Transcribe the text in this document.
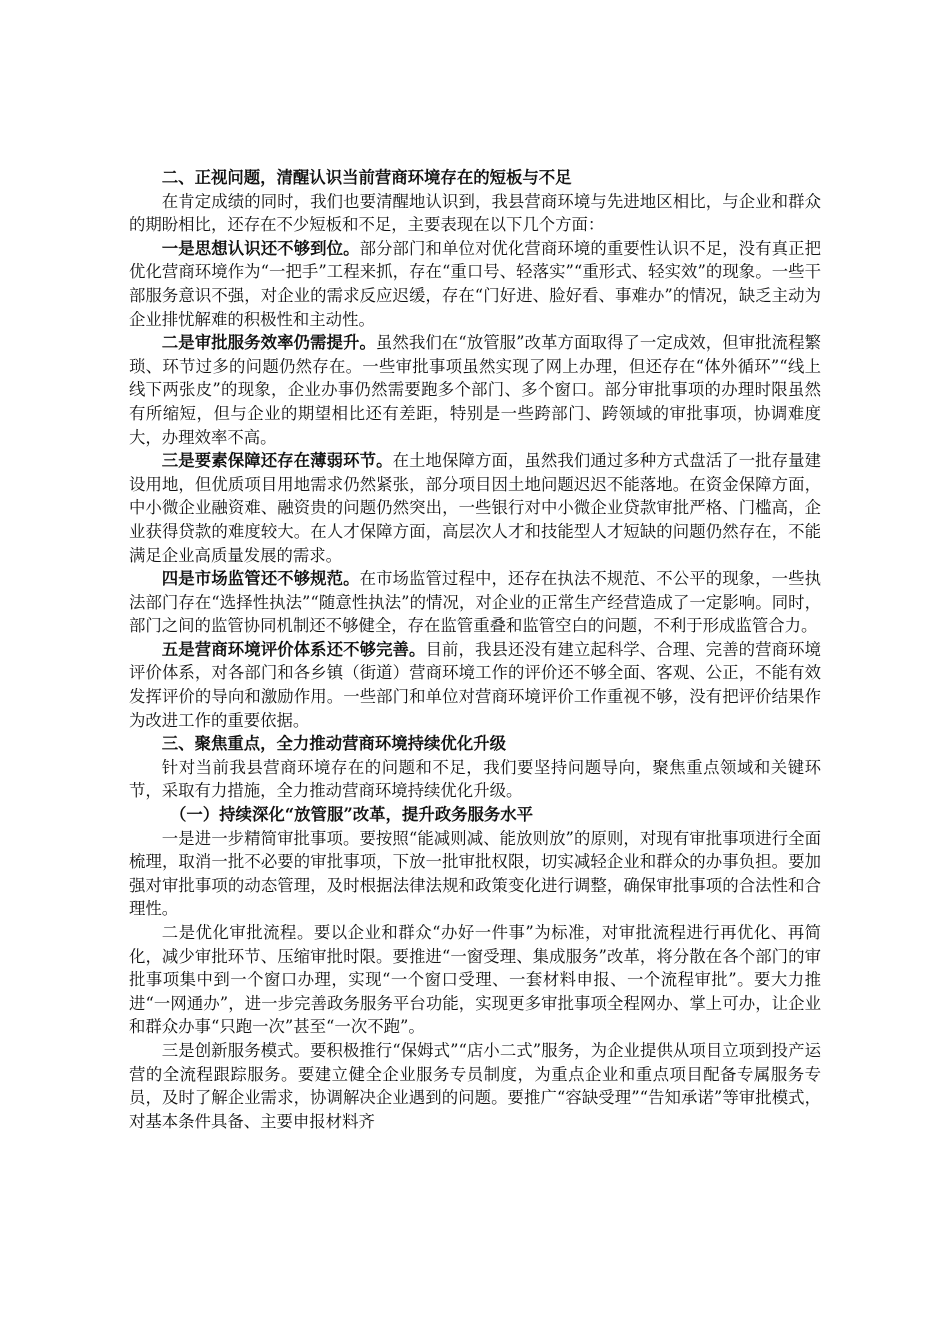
二、正视问题，清醒认识当前营商环境存在的短板与不足

在肯定成绩的同时，我们也要清醒地认识到，我县营商环境与先进地区相比，与企业和群众的期盼相比，还存在不少短板和不足，主要表现在以下几个方面：

一是思想认识还不够到位。部分部门和单位对优化营商环境的重要性认识不足，没有真正把优化营商环境作为“一把手”工程来抓，存在“重口号、轻落实”“重形式、轻实效”的现象。一些干部服务意识不强，对企业的需求反应迟缓，存在“门好进、脸好看、事难办”的情况，缺乏主动为企业排忧解难的积极性和主动性。

二是审批服务效率仍需提升。虽然我们在“放管服”改革方面取得了一定成效，但审批流程繁琐、环节过多的问题仍然存在。一些审批事项虽然实现了网上办理，但还存在“体外循环”“线上线下两张皮”的现象，企业办事仍然需要跑多个部门、多个窗口。部分审批事项的办理时限虽然有所缩短，但与企业的期望相比还有差距，特别是一些跨部门、跨领域的审批事项，协调难度大，办理效率不高。

三是要素保障还存在薄弱环节。在土地保障方面，虽然我们通过多种方式盘活了一批存量建设用地，但优质项目用地需求仍然紧张，部分项目因土地问题迟迟不能落地。在资金保障方面，中小微企业融资难、融资贵的问题仍然突出，一些银行对中小微企业贷款审批严格、门槛高，企业获得贷款的难度较大。在人才保障方面，高层次人才和技能型人才短缺的问题仍然存在，不能满足企业高质量发展的需求。

四是市场监管还不够规范。在市场监管过程中，还存在执法不规范、不公平的现象，一些执法部门存在“选择性执法”“随意性执法”的情况，对企业的正常生产经营造成了一定影响。同时，部门之间的监管协同机制还不够健全，存在监管重叠和监管空白的问题，不利于形成监管合力。

五是营商环境评价体系还不够完善。目前，我县还没有建立起科学、合理、完善的营商环境评价体系，对各部门和各乡镇（街道）营商环境工作的评价还不够全面、客观、公正，不能有效发挥评价的导向和激励作用。一些部门和单位对营商环境评价工作重视不够，没有把评价结果作为改进工作的重要依据。

三、聚焦重点，全力推动营商环境持续优化升级

针对当前我县营商环境存在的问题和不足，我们要坚持问题导向，聚焦重点领域和关键环节，采取有力措施，全力推动营商环境持续优化升级。

（一）持续深化“放管服”改革，提升政务服务水平

一是进一步精简审批事项。要按照“能减则减、能放则放”的原则，对现有审批事项进行全面梳理，取消一批不必要的审批事项，下放一批审批权限，切实减轻企业和群众的办事负担。要加强对审批事项的动态管理，及时根据法律法规和政策变化进行调整，确保审批事项的合法性和合理性。

二是优化审批流程。要以企业和群众“办好一件事”为标准，对审批流程进行再优化、再简化，减少审批环节、压缩审批时限。要推进“一窗受理、集成服务”改革，将分散在各个部门的审批事项集中到一个窗口办理，实现“一个窗口受理、一套材料申报、一个流程审批”。要大力推进“一网通办”，进一步完善政务服务平台功能，实现更多审批事项全程网办、掌上可办，让企业和群众办事“只跑一次”甚至“一次不跑”。

三是创新服务模式。要积极推行“保姆式”“店小二式”服务，为企业提供从项目立项到投产运营的全流程跟踪服务。要建立健全企业服务专员制度，为重点企业和重点项目配备专属服务专员，及时了解企业需求，协调解决企业遇到的问题。要推广“容缺受理”“告知承诺”等审批模式，对基本条件具备、主要申报材料齐
